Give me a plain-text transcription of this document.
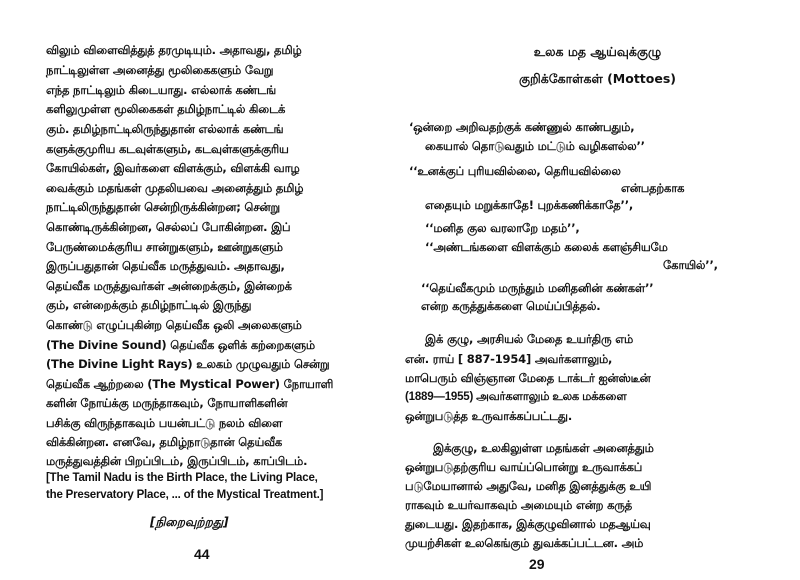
விலும் விளைவித்துத் தரமுடியும். அதாவது, தமிழ்
நாட்டிலுள்ள அனைத்து மூலிகைகளும் வேறு
எந்த நாட்டிலும் கிடையாது. எல்லாக் கண்டங்
களிலுமுள்ள மூலிகைகள் தமிழ்நாட்டில் கிடைக்
கும். தமிழ்நாட்டிலிருந்துதான் எல்லாக் கண்டங்
களுக்குமுரிய கடவுள்களும், கடவுள்களுக்குரிய
கோயில்கள், இவர்களை விளக்கும், விளக்கி வாழ
வைக்கும் மதங்கள் முதலியவை அனைத்தும் தமிழ்
நாட்டிலிருந்துதான் சென்றிருக்கின்றன; சென்று
கொண்டிருக்கின்றன, செல்லப் போகின்றன. இப்
பேருண்மைக்குரிய சான்றுகளும், ஊன்றுகளும்
இருப்பதுதான் தெய்வீக மருத்துவம். அதாவது,
தெய்வீக மருத்துவர்கள் அன்றைக்கும், இன்றைக்
கும், என்றைக்கும் தமிழ்நாட்டில் இருந்து
கொண்டு எழுப்புகின்ற தெய்வீக ஒலி அலைகளும்
(The Divine Sound) தெய்வீக ஒளிக் கற்றைகளும்
(The Divine Light Rays) உலகம் முழுவதும் சென்று
தெய்வீக ஆற்றலை (The Mystical Power) நோயாளி
களின் நோய்க்கு மருந்தாகவும், நோயாளிகளின்
பசிக்கு விருந்தாகவும் பயன்பட்டு நலம் விளை
விக்கின்றன. எனவே, தமிழ்நாடுதான் தெய்வீக
மருத்துவத்தின் பிறப்பிடம், இருப்பிடம், காப்பிடம்.
[The Tamil Nadu is the Birth Place, the Living Place,
the Preservatory Place, ... of the Mystical Treatment.]
[நிறைவுற்றது]
44
உலக மத ஆய்வுக்குழு
குறிக்கோள்கள் (Mottoes)
‘ஒன்றை அறிவதற்குக் கண்ணுல் காண்பதும்,
கையால் தொடுவதும் மட்டும் வழிகளல்ல’’
‘‘உனக்குப் புரியவில்லை, தெரியவில்லை
என்பதற்காக
எதையும் மறுக்காதே! புறக்கணிக்காதே’’,
‘‘மனித குல வரலாறே மதம்’’,
‘‘அண்டங்களை விளக்கும் கலைக் களஞ்சியமே
கோயில்’’,
‘‘தெய்வீகமும் மருந்தும் மனிதனின் கண்கள்’’
என்ற கருத்துக்களை மெய்ப்பித்தல்.
இக் குழு, அரசியல் மேதை உயர்திரு எம்
என். ராய் [ 887-1954] அவர்களாலும்,
மாபெரும் விஞ்ஞான மேதை டாக்டர் ஐன்ஸ்டீன்
(1889—1955) அவர்களாலும் உலக மக்களை
ஒன்றுபடுத்த உருவாக்கப்பட்டது.
இக்குழு, உலகிலுள்ள மதங்கள் அனைத்தும்
ஒன்றுபடுதற்குரிய வாய்ப்பொன்று உருவாக்கப்
படுமேயானால் அதுவே, மனித இனத்துக்கு உயி
ராகவும் உயர்வாகவும் அமையும் என்ற கருத்
துடையது. இதற்காக, இக்குழுவினால் மதஆய்வு
முயற்சிகள் உலகெங்கும் துவக்கப்பட்டன. அம்
29
